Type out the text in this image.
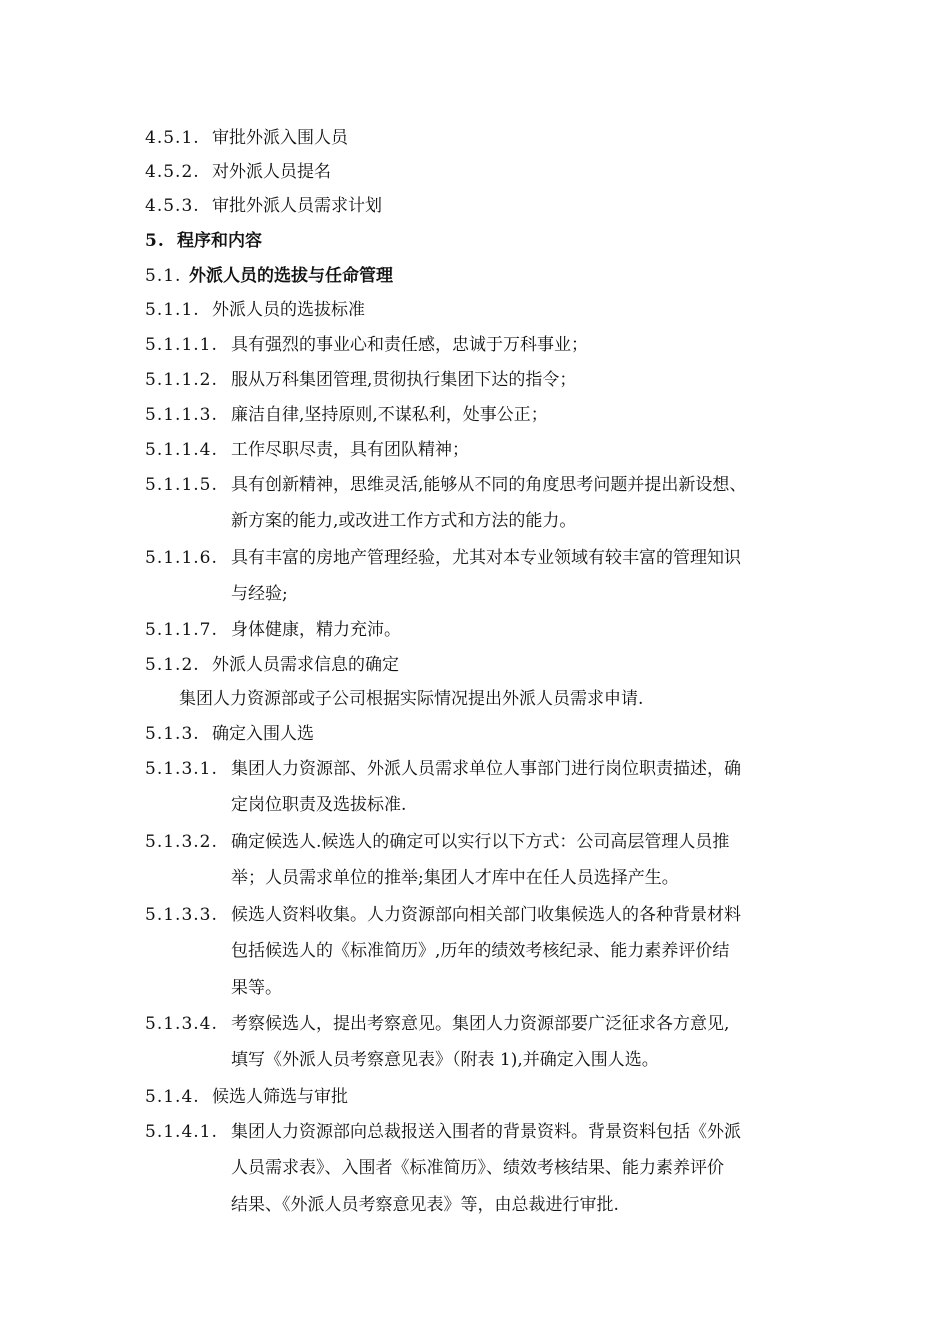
4.5.1. 审批外派入围人员
4.5.2. 对外派人员提名
4.5.3. 审批外派人员需求计划
5. 程序和内容
5.1. 外派人员的选拔与任命管理
5.1.1. 外派人员的选拔标准
5.1.1.1. 具有强烈的事业心和责任感，忠诚于万科事业；
5.1.1.2. 服从万科集团管理,贯彻执行集团下达的指令；
5.1.1.3. 廉洁自律,坚持原则,不谋私利，处事公正；
5.1.1.4. 工作尽职尽责，具有团队精神；
5.1.1.5. 具有创新精神，思维灵活,能够从不同的角度思考问题并提出新设想、
新方案的能力,或改进工作方式和方法的能力。
5.1.1.6. 具有丰富的房地产管理经验，尤其对本专业领域有较丰富的管理知识
与经验;
5.1.1.7. 身体健康，精力充沛。
5.1.2. 外派人员需求信息的确定
集团人力资源部或子公司根据实际情况提出外派人员需求申请.
5.1.3. 确定入围人选
5.1.3.1. 集团人力资源部、外派人员需求单位人事部门进行岗位职责描述，确
定岗位职责及选拔标准.
5.1.3.2. 确定候选人.候选人的确定可以实行以下方式：公司高层管理人员推
举；人员需求单位的推举;集团人才库中在任人员选择产生。
5.1.3.3. 候选人资料收集。人力资源部向相关部门收集候选人的各种背景材料
包括候选人的《标准简历》,历年的绩效考核纪录、能力素养评价结
果等。
5.1.3.4. 考察候选人，提出考察意见。集团人力资源部要广泛征求各方意见,
填写《外派人员考察意见表》（附表 1),并确定入围人选。
5.1.4. 候选人筛选与审批
5.1.4.1. 集团人力资源部向总裁报送入围者的背景资料。背景资料包括《外派
人员需求表》、入围者《标准简历》、绩效考核结果、能力素养评价
结果、《外派人员考察意见表》等，由总裁进行审批.
